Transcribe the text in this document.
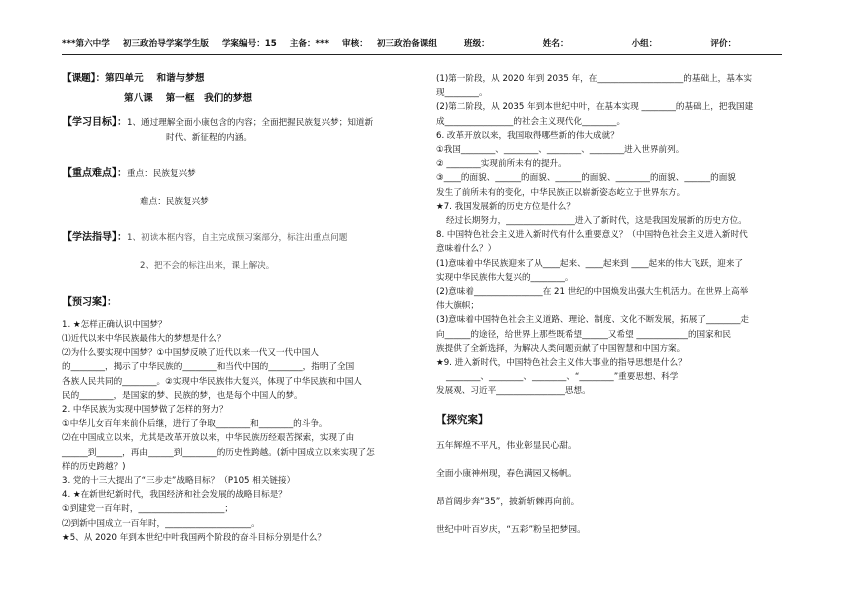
***第六中学 初三政治导学案学生版 学案编号：15 主备：*** 审核： 初三政治备课组	班级：	姓名：	小组：	评价：
【课题】：第四单元　 和谐与梦想
第八课　 第一框　我们的梦想
【学习目标】：1、通过理解全面小康包含的内容；全面把握民族复兴梦；知道新
时代、新征程的内涵。
【重点难点】：重点：民族复兴梦
难点：民族复兴梦
【学法指导】：1、初读本框内容，自主完成预习案部分，标注出重点问题
2、把不会的标注出来，课上解决。
【预习案】：
1. ★怎样正确认识中国梦？
⑴近代以来中华民族最伟大的梦想是什么？
⑵为什么要实现中国梦？①中国梦反映了近代以来一代又一代中国人
的________，揭示了中华民族的________和当代中国的________，指明了全国
各族人民共同的________。②实现中华民族伟大复兴，体现了中华民族和中国人
民的________，是国家的梦、民族的梦，也是每个中国人的梦。
2. 中华民族为实现中国梦做了怎样的努力？
①中华儿女百年来前仆后继，进行了争取________和________的斗争。
⑵在中国成立以来，尤其是改革开放以来，中华民族历经艰苦探索，实现了由
______到______，再由______到________的历史性跨越。(新中国成立以来实现了怎
样的历史跨越？)
3. 党的十三大提出了“三步走”战略目标？（P105 相关链接）
4. ★在新世纪新时代，我国经济和社会发展的战略目标是？
①到建党一百年时，____________________；
⑵到新中国成立一百年时，____________________。
★5、从 2020 年到本世纪中叶我国两个阶段的奋斗目标分别是什么？
(1)第一阶段，从 2020 年到 2035 年，在____________________的基础上，基本实
现________。
(2)第二阶段，从 2035 年到本世纪中叶，在基本实现 ________的基础上，把我国建
成________________的社会主义现代化________。
6. 改革开放以来，我国取得哪些新的伟大成就？
①我国________、________、________、________进入世界前列。
② ________实现前所未有的提升。
③____的面貌、______的面貌、______的面貌、________的面貌、______的面貌
发生了前所未有的变化，中华民族正以崭新姿态屹立于世界东方。
★7. 我国发展新的历史方位是什么？
经过长期努力，________________进入了新时代，这是我国发展新的历史方位。
8. 中国特色社会主义进入新时代有什么重要意义？（中国特色社会主义进入新时代
意味着什么？）
(1)意味着中华民族迎来了从____起来、____起来到 ____起来的伟大飞跃，迎来了
实现中华民族伟大复兴的________。
(2)意味着________________在 21 世纪的中国焕发出强大生机活力。在世界上高举
伟大旗帜；
(3)意味着中国特色社会主义道路、理论、制度、文化不断发展，拓展了________走
向______的途径，给世界上那些既希望______又希望 ____________的国家和民
族提供了全新选择，为解决人类问题贡献了中国智慧和中国方案。
★9. 进入新时代，中国特色社会主义伟大事业的指导思想是什么？
________、________、________、“________”重要思想、科学
发展观、习近平________________思想。
【探究案】
五年辉煌不平凡，伟业彰显民心甜。
全面小康神州现，春色满园又杨帆。
昂首阔步奔“35”，披新斩棘再向前。
世纪中叶百岁庆，“五彩”粉呈把梦园。
